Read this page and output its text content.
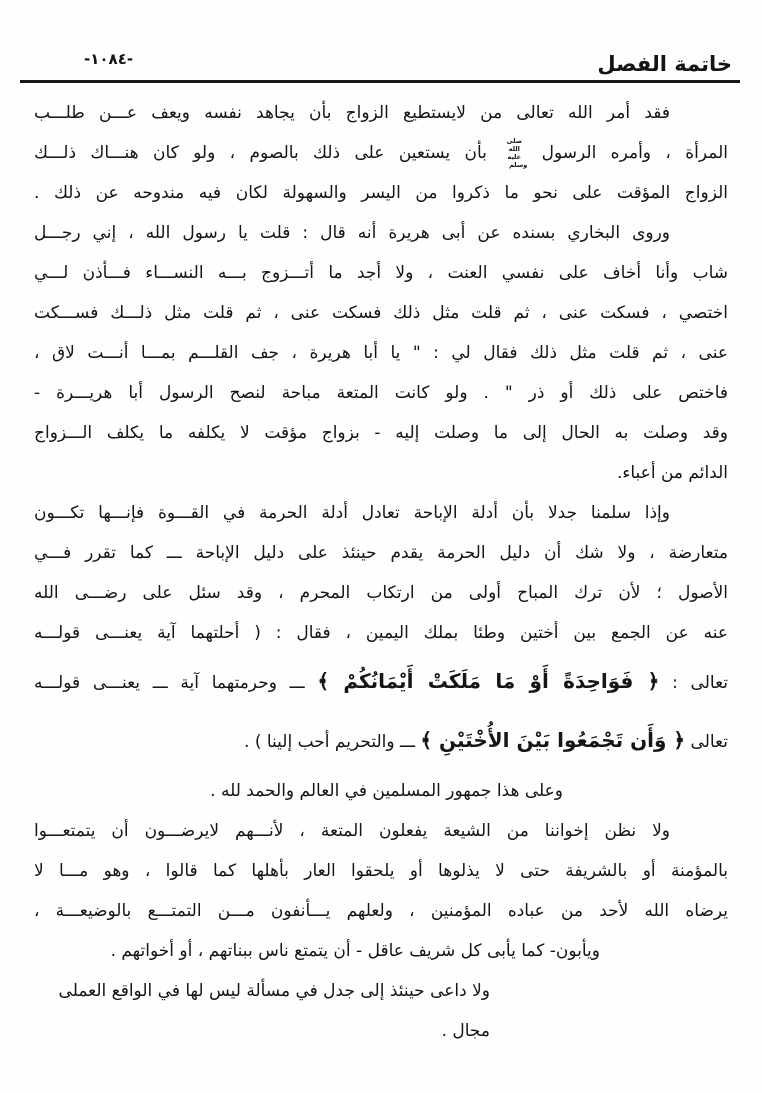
-١٠٨٤-	خاتمة الفصل
فقد أمر الله تعالى من لايستطيع الزواج بأن يجاهد نفسه ويعف عـــن طلـــب
المرأة ، وأمره الرسول صلى الله عليه وسلم بأن يستعين على ذلك بالصوم ، ولو كان هنـــاك ذلـــك
الزواج المؤقت على نحو ما ذكروا من اليسر والسهولة لكان فيه مندوحه عن ذلك .
وروى البخاري بسنده عن أبى هريرة أنه قال : قلت يا رسول الله ، إني رجـــل
شاب وأنا أخاف على نفسي العنت ، ولا أجد ما أتـــزوج بـــه النســـاء فـــأذن لـــي
اختصي ، فسكت عنى ، ثم قلت مثل ذلك فسكت عنى ، ثم قلت مثل ذلـــك فســـكت
عنى ، ثم قلت مثل ذلك فقال لي : " يا أبا هريرة ، جف القلـــم بمـــا أنـــت لاق ،
فاختص على ذلك أو ذر " . ولو كانت المتعة مباحة لنصح الرسول أبا هريـــرة -
وقد وصلت به الحال إلى ما وصلت إليه - بزواج مؤقت لا يكلفه ما يكلف الـــزواج
الدائم من أعباء.
وإذا سلمنا جدلا بأن أدلة الإباحة تعادل أدلة الحرمة في القـــوة فإنـــها تكـــون
متعارضة ، ولا شك أن دليل الحرمة يقدم حينئذ على دليل الإباحة ـــ كما تقرر فـــي
الأصول ؛ لأن ترك المباح أولى من ارتكاب المحرم ، وقد سئل على رضـــى الله
عنه عن الجمع بين أختين وطئا بملك اليمين ، فقال : ( أحلتهما آية يعنـــى قولـــه
تعالى : ﴿ فَوَاحِدَةً أَوْ مَا مَلَكَتْ أَيْمَانُكُمْ ﴾ ـــ وحرمتهما آية ـــ يعنـــى قولـــه
تعالى ﴿ وَأَن تَجْمَعُوا بَيْنَ الأُخْتَيْنِ ﴾ ـــ والتحريم أحب إلينا ) .
وعلى هذا جمهور المسلمين في العالم والحمد لله .
ولا نظن إخواننا من الشيعة يفعلون المتعة ، لأنـــهم لايرضـــون أن يتمتعـــوا
بالمؤمنة أو بالشريفة حتى لا يذلوها أو يلحقوا العار بأهلها كما قالوا ، وهو مـــا لا
يرضاه الله لأحد من عباده المؤمنين ، ولعلهم يـــأنفون مـــن التمتـــع بالوضيعـــة ،
ويأبون- كما يأبى كل شريف عاقل - أن يتمتع ناس ببناتهم ، أو أخواتهم .
ولا داعى حينئذ إلى جدل في مسألة ليس لها في الواقع العملى مجال .
